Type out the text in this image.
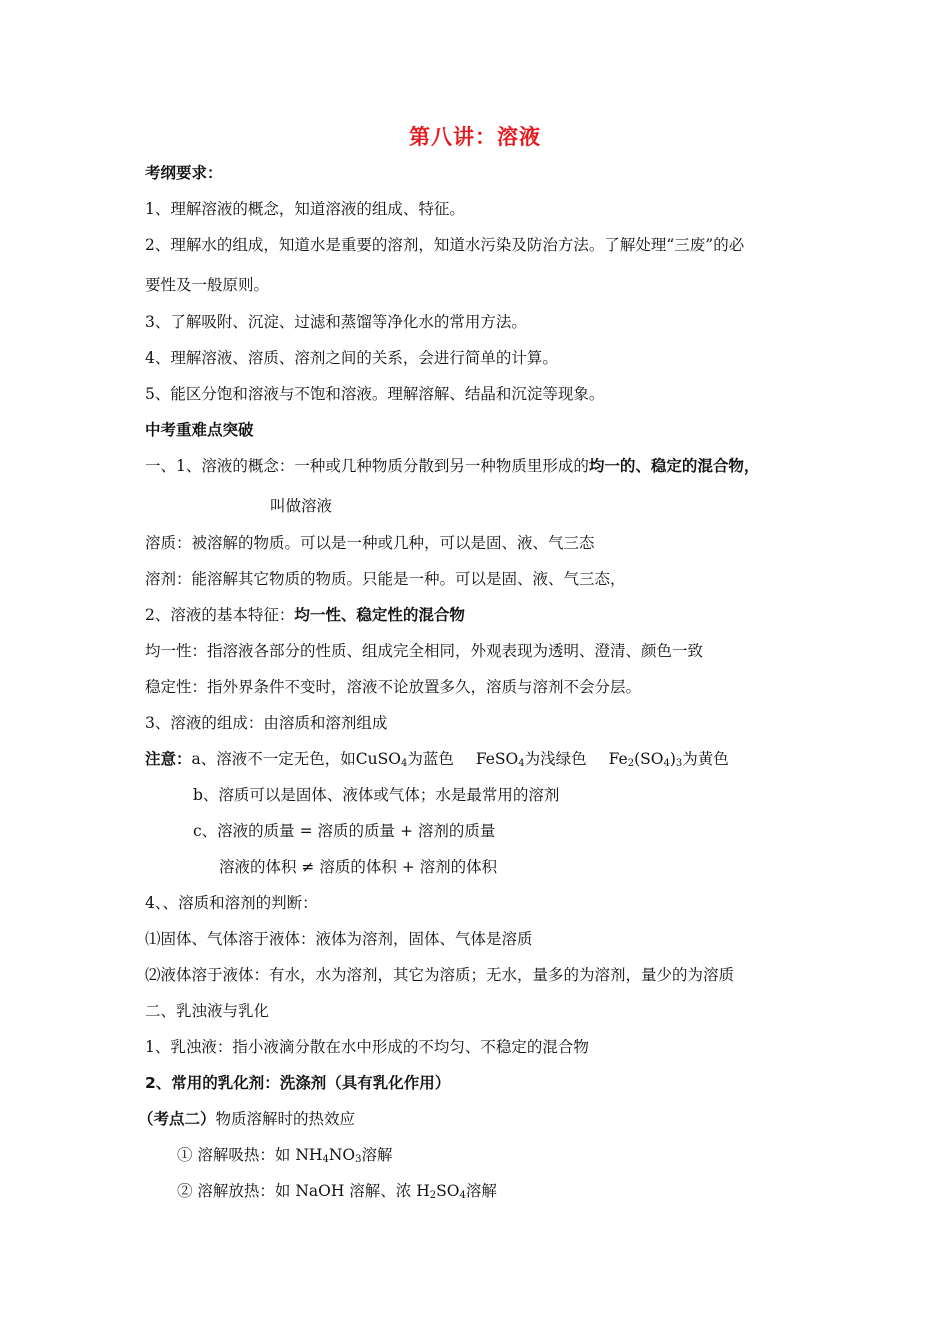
第八讲：溶液
考纲要求：
1、理解溶液的概念，知道溶液的组成、特征。
2、理解水的组成，知道水是重要的溶剂，知道水污染及防治方法。了解处理“三废”的必
要性及一般原则。
3、了解吸附、沉淀、过滤和蒸馏等净化水的常用方法。
4、理解溶液、溶质、溶剂之间的关系，会进行简单的计算。
5、能区分饱和溶液与不饱和溶液。理解溶解、结晶和沉淀等现象。
中考重难点突破
一、1、溶液的概念：一种或几种物质分散到另一种物质里形成的均一的、稳定的混合物，
叫做溶液
溶质：被溶解的物质。可以是一种或几种，可以是固、液、气三态
溶剂：能溶解其它物质的物质。只能是一种。可以是固、液、气三态，
2、溶液的基本特征：均一性、稳定性的混合物
均一性：指溶液各部分的性质、组成完全相同，外观表现为透明、澄清、颜色一致
稳定性：指外界条件不变时，溶液不论放置多久，溶质与溶剂不会分层。
3、溶液的组成：由溶质和溶剂组成
注意：a、溶液不一定无色，如CuSO$_4$为蓝色 FeSO$_4$为浅绿色 $Fe_2(SO_4)_3$为黄色
b、溶质可以是固体、液体或气体；水是最常用的溶剂
c、溶液的质量 = 溶质的质量 + 溶剂的质量
溶液的体积 ≠ 溶质的体积 + 溶剂的体积
4、、溶质和溶剂的判断：
⑴固体、气体溶于液体：液体为溶剂，固体、气体是溶质
⑵液体溶于液体：有水，水为溶剂，其它为溶质；无水，量多的为溶剂，量少的为溶质
二、乳浊液与乳化
1、乳浊液：指小液滴分散在水中形成的不均匀、不稳定的混合物
2、常用的乳化剂：洗涤剂（具有乳化作用）
（考点二）物质溶解时的热效应
① 溶解吸热：如 $NH_4NO_3$溶解
② 溶解放热：如 NaOH 溶解、浓 $H_2SO_4$溶解
